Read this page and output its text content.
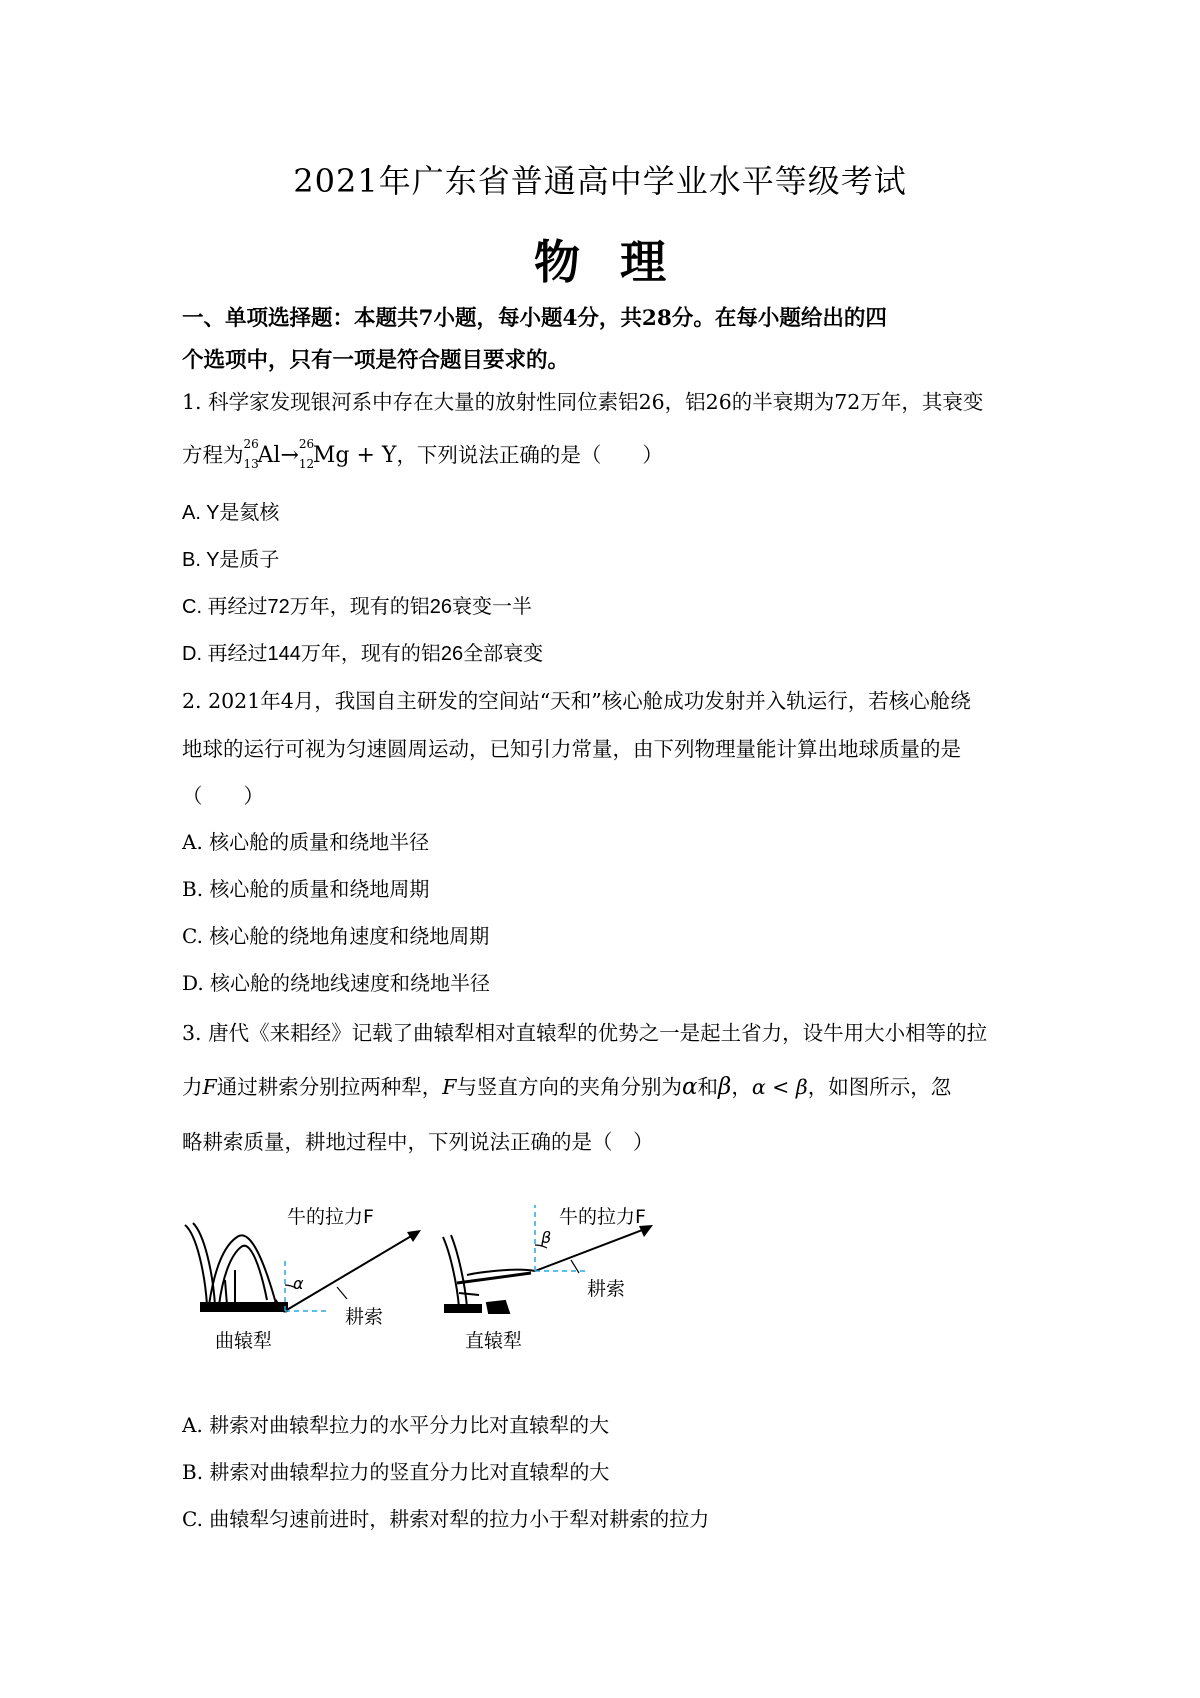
2021年广东省普通高中学业水平等级考试
物理
一、单项选择题：本题共7小题，每小题4分，共28分。在每小题给出的四
个选项中，只有一项是符合题目要求的。
1. 科学家发现银河系中存在大量的放射性同位素铝26，铝26的半衰期为72万年，其衰变
方程为 26
13
Al→ 26
12
Mg + Y，下列说法正确的是（　　）
A. Y是氦核
B. Y是质子
C. 再经过72万年，现有的铝26衰变一半
D. 再经过144万年，现有的铝26全部衰变
2. 2021年4月，我国自主研发的空间站“天和”核心舱成功发射并入轨运行，若核心舱绕
地球的运行可视为匀速圆周运动，已知引力常量，由下列物理量能计算出地球质量的是
（　　）
A. 核心舱的质量和绕地半径
B. 核心舱的质量和绕地周期
C. 核心舱的绕地角速度和绕地周期
D. 核心舱的绕地线速度和绕地半径
3. 唐代《来耜经》记载了曲辕犁相对直辕犁的优势之一是起土省力，设牛用大小相等的拉
力F通过耕索分别拉两种犁，F与竖直方向的夹角分别为α和β，α < β，如图所示，忽
略耕索质量，耕地过程中，下列说法正确的是（　）
α
牛的拉力F
耕索
曲辕犁
β
牛的拉力F
耕索
直辕犁
A. 耕索对曲辕犁拉力的水平分力比对直辕犁的大
B. 耕索对曲辕犁拉力的竖直分力比对直辕犁的大
C. 曲辕犁匀速前进时，耕索对犁的拉力小于犁对耕索的拉力
